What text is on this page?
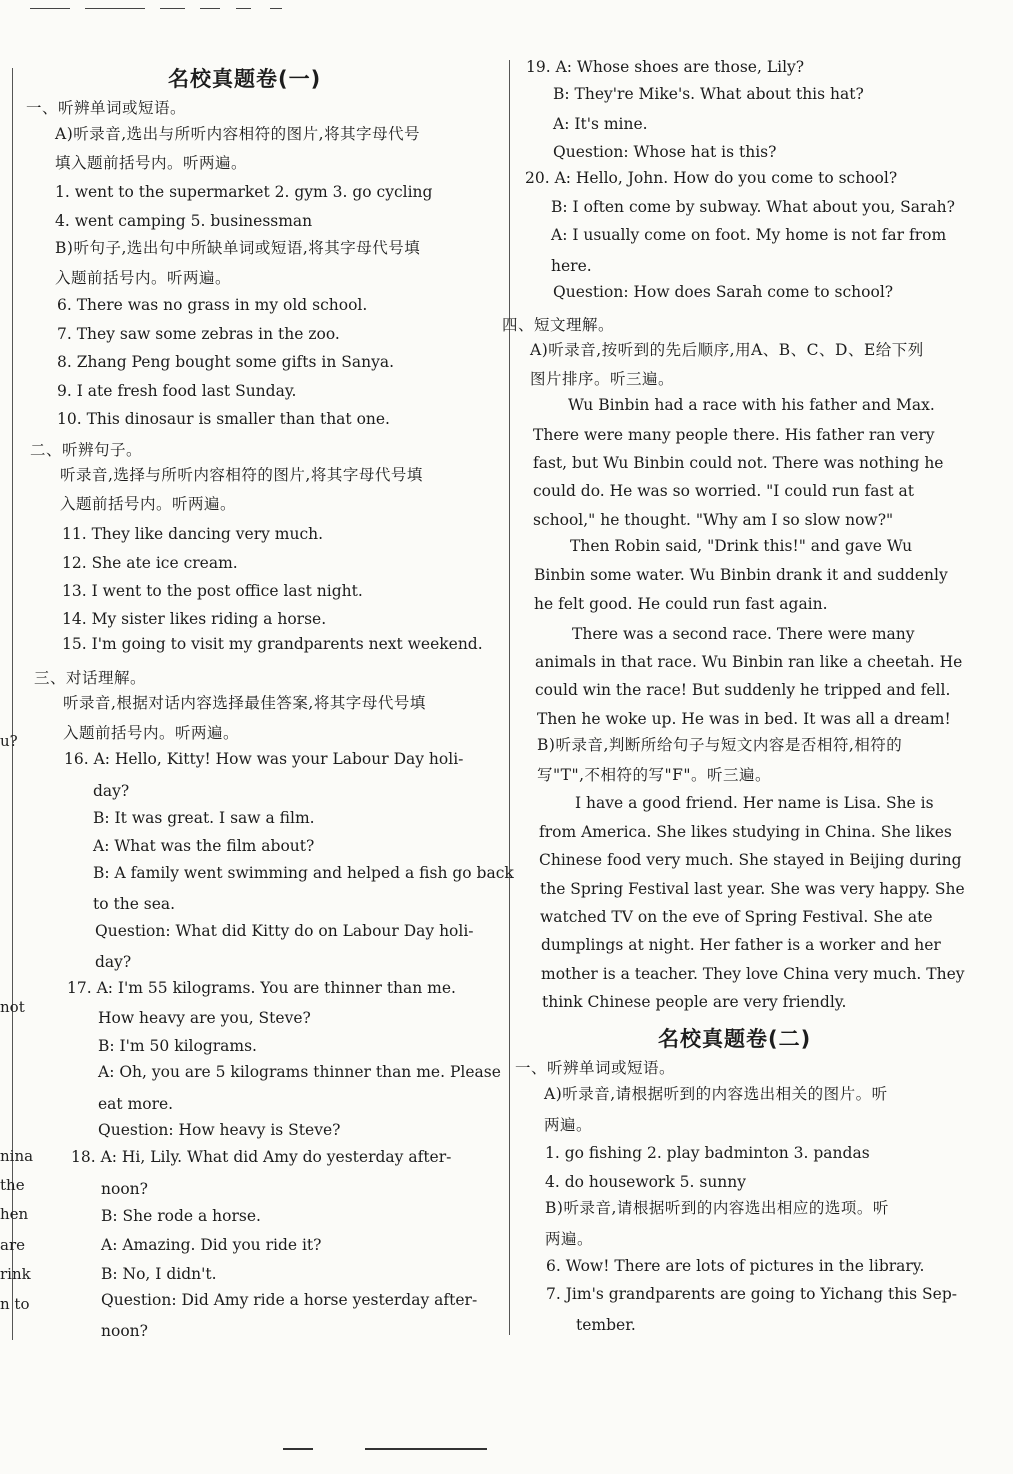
u?
not
nina
the
hen
are
rink
n to
名校真题卷(一)
一、听辨单词或短语。
A)听录音,选出与所听内容相符的图片,将其字母代号
填入题前括号内。听两遍。
1. went to the supermarket 2. gym 3. go cycling
4. went camping 5. businessman
B)听句子,选出句中所缺单词或短语,将其字母代号填
入题前括号内。听两遍。
6. There was no grass in my old school.
7. They saw some zebras in the zoo.
8. Zhang Peng bought some gifts in Sanya.
9. I ate fresh food last Sunday.
10. This dinosaur is smaller than that one.
二、听辨句子。
听录音,选择与所听内容相符的图片,将其字母代号填
入题前括号内。听两遍。
11. They like dancing very much.
12. She ate ice cream.
13. I went to the post office last night.
14. My sister likes riding a horse.
15. I'm going to visit my grandparents next weekend.
三、对话理解。
听录音,根据对话内容选择最佳答案,将其字母代号填
入题前括号内。听两遍。
16. A: Hello, Kitty! How was your Labour Day holi-
day?
B: It was great. I saw a film.
A: What was the film about?
B: A family went swimming and helped a fish go back
to the sea.
Question: What did Kitty do on Labour Day holi-
day?
17. A: I'm 55 kilograms. You are thinner than me.
How heavy are you, Steve?
B: I'm 50 kilograms.
A: Oh, you are 5 kilograms thinner than me. Please
eat more.
Question: How heavy is Steve?
18. A: Hi, Lily. What did Amy do yesterday after-
noon?
B: She rode a horse.
A: Amazing. Did you ride it?
B: No, I didn't.
Question: Did Amy ride a horse yesterday after-
noon?
19. A: Whose shoes are those, Lily?
B: They're Mike's. What about this hat?
A: It's mine.
Question: Whose hat is this?
20. A: Hello, John. How do you come to school?
B: I often come by subway. What about you, Sarah?
A: I usually come on foot. My home is not far from
here.
Question: How does Sarah come to school?
四、短文理解。
A)听录音,按听到的先后顺序,用A、B、C、D、E给下列
图片排序。听三遍。
Wu Binbin had a race with his father and Max.
There were many people there. His father ran very
fast, but Wu Binbin could not. There was nothing he
could do. He was so worried. "I could run fast at
school," he thought. "Why am I so slow now?"
Then Robin said, "Drink this!" and gave Wu
Binbin some water. Wu Binbin drank it and suddenly
he felt good. He could run fast again.
There was a second race. There were many
animals in that race. Wu Binbin ran like a cheetah. He
could win the race! But suddenly he tripped and fell.
Then he woke up. He was in bed. It was all a dream!
B)听录音,判断所给句子与短文内容是否相符,相符的
写"T",不相符的写"F"。听三遍。
I have a good friend. Her name is Lisa. She is
from America. She likes studying in China. She likes
Chinese food very much. She stayed in Beijing during
the Spring Festival last year. She was very happy. She
watched TV on the eve of Spring Festival. She ate
dumplings at night. Her father is a worker and her
mother is a teacher. They love China very much. They
think Chinese people are very friendly.
名校真题卷(二)
一、听辨单词或短语。
A)听录音,请根据听到的内容选出相关的图片。听
两遍。
1. go fishing 2. play badminton 3. pandas
4. do housework 5. sunny
B)听录音,请根据听到的内容选出相应的选项。听
两遍。
6. Wow! There are lots of pictures in the library.
7. Jim's grandparents are going to Yichang this Sep-
tember.
